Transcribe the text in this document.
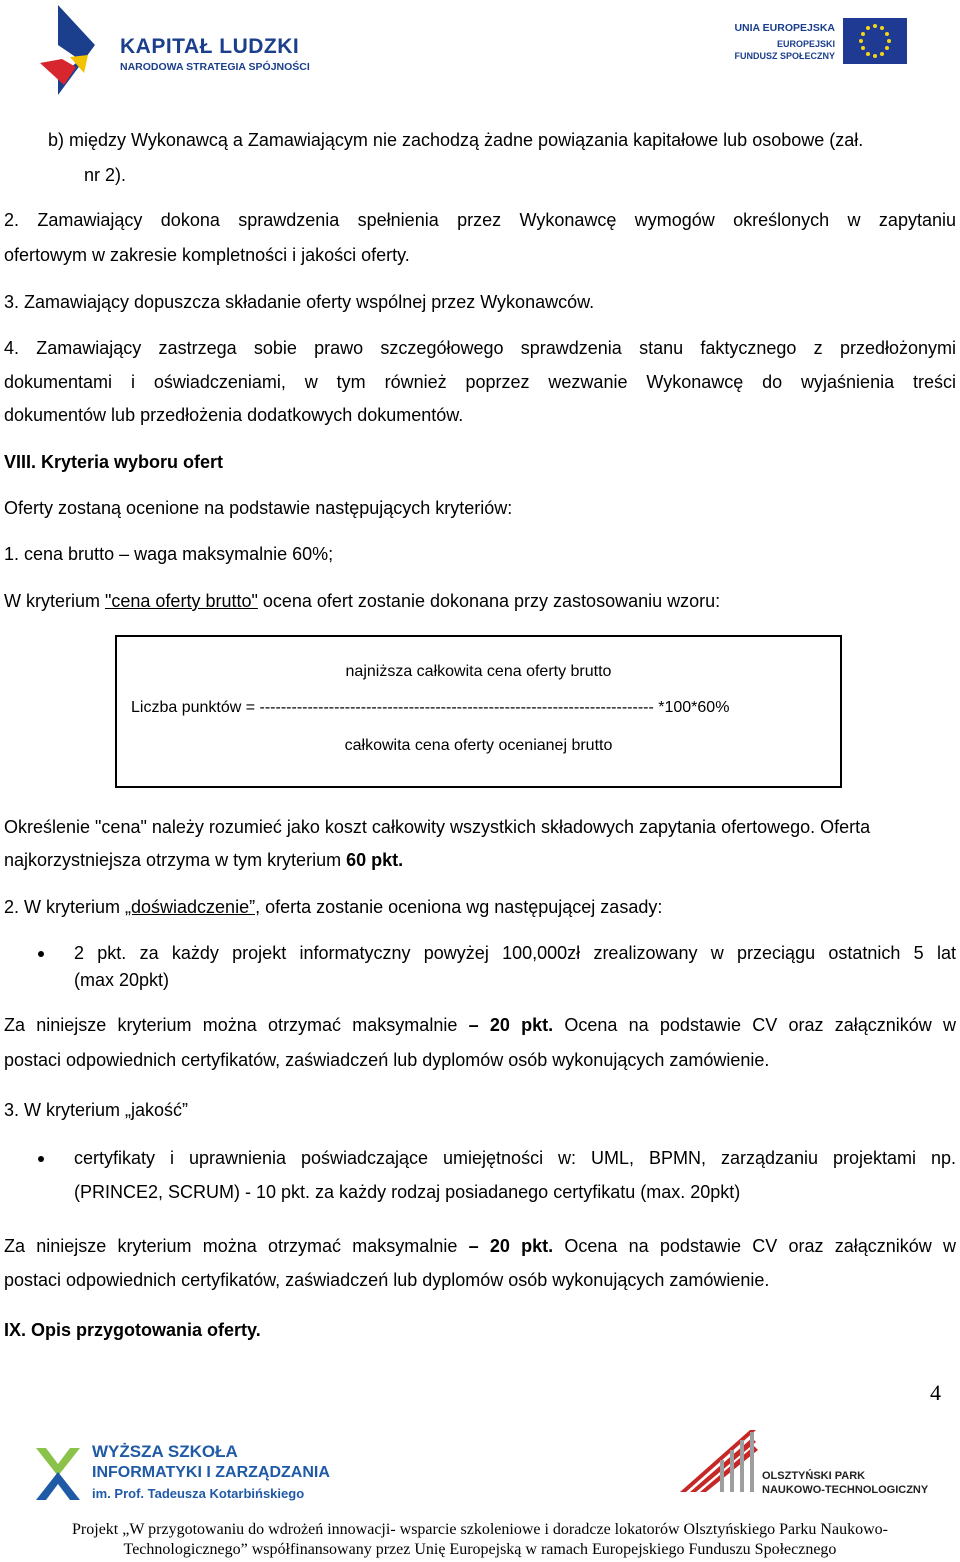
KAPITAŁ LUDZKI
NARODOWA STRATEGIA SPÓJNOŚCI
UNIA EUROPEJSKA
EUROPEJSKI
FUNDUSZ SPOŁECZNY
b) między Wykonawcą a Zamawiającym nie zachodzą żadne powiązania kapitałowe lub osobowe (zał.
nr 2).
2. Zamawiający dokona sprawdzenia spełnienia przez Wykonawcę wymogów określonych w zapytaniu
ofertowym w zakresie kompletności i jakości oferty.
3. Zamawiający dopuszcza składanie oferty wspólnej przez Wykonawców.
4. Zamawiający zastrzega sobie prawo szczegółowego sprawdzenia stanu faktycznego z przedłożonymi
dokumentami i oświadczeniami, w tym również poprzez wezwanie Wykonawcę do wyjaśnienia treści
dokumentów lub przedłożenia dodatkowych dokumentów.
VIII. Kryteria wyboru ofert
Oferty zostaną ocenione na podstawie następujących kryteriów:
1. cena brutto – waga maksymalnie 60%;
W kryterium "cena oferty brutto" ocena ofert zostanie dokonana przy zastosowaniu wzoru:
najniższa całkowita cena oferty brutto
Liczba punktów = -------------------------------------------------------------------------- *100*60%
całkowita cena oferty ocenianej brutto
Określenie "cena" należy rozumieć jako koszt całkowity wszystkich składowych zapytania ofertowego. Oferta
najkorzystniejsza otrzyma w tym kryterium 60 pkt.
2. W kryterium „doświadczenie”, oferta zostanie oceniona wg następującej zasady:
2 pkt. za każdy projekt informatyczny powyżej 100,000zł zrealizowany w przeciągu ostatnich 5 lat
(max 20pkt)
Za niniejsze kryterium można otrzymać maksymalnie – 20 pkt. Ocena na podstawie CV oraz załączników w
postaci odpowiednich certyfikatów, zaświadczeń lub dyplomów osób wykonujących zamówienie.
3. W kryterium „jakość”
certyfikaty i uprawnienia poświadczające umiejętności w: UML, BPMN, zarządzaniu projektami np.
(PRINCE2, SCRUM) - 10 pkt. za każdy rodzaj posiadanego certyfikatu (max. 20pkt)
Za niniejsze kryterium można otrzymać maksymalnie – 20 pkt. Ocena na podstawie CV oraz załączników w
postaci odpowiednich certyfikatów, zaświadczeń lub dyplomów osób wykonujących zamówienie.
IX. Opis przygotowania oferty.
4
WYŻSZA SZKOŁA
INFORMATYKI I ZARZĄDZANIA
im. Prof. Tadeusza Kotarbińskiego
OLSZTYŃSKI PARK
NAUKOWO-TECHNOLOGICZNY
Projekt „W przygotowaniu do wdrożeń innowacji- wsparcie szkoleniowe i doradcze lokatorów Olsztyńskiego Parku Naukowo-
Technologicznego” współfinansowany przez Unię Europejską w ramach Europejskiego Funduszu Społecznego
